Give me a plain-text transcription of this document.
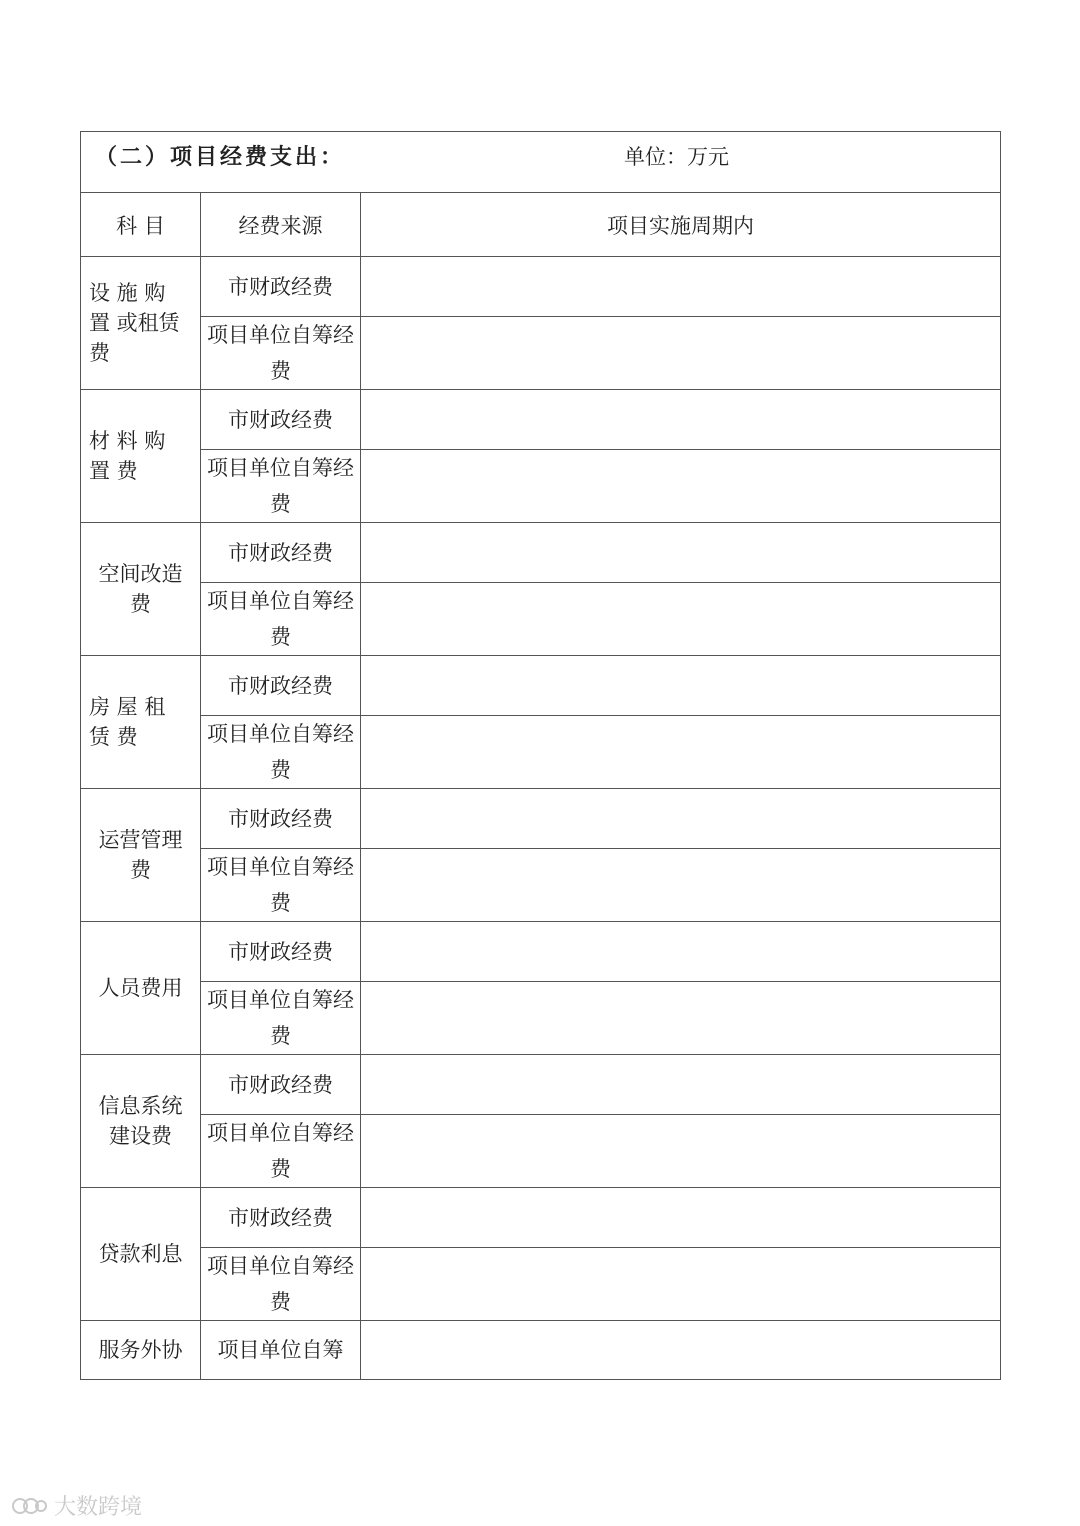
（二）项目经费支出： 单位：万元		

科 目	经费来源	项目实施周期内
设 施 购 置 或租赁费	市财政经费	
	项目单位自筹经费	
材 料 购 置 费	市财政经费	
	项目单位自筹经费	
空间改造费	市财政经费	
	项目单位自筹经费	
房 屋 租 赁 费	市财政经费	
	项目单位自筹经费	
运营管理费	市财政经费	
	项目单位自筹经费	
人员费用	市财政经费	
	项目单位自筹经费	
信息系统建设费	市财政经费	
	项目单位自筹经费	
贷款利息	市财政经费	
	项目单位自筹经费	
服务外协	项目单位自筹	
大数跨境
